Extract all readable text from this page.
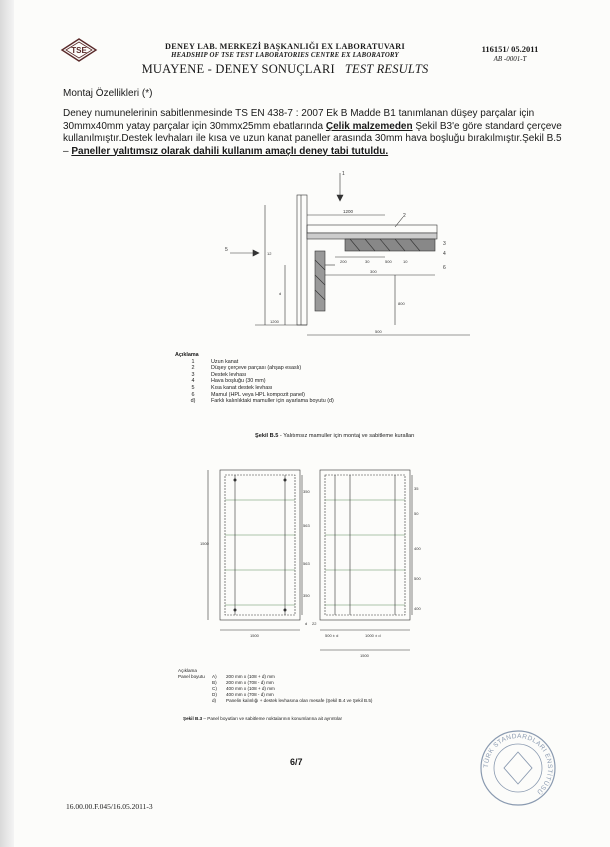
TSE	DENEY LAB. MERKEZİ BAŞKANLIĞI EX LABORATUVARI
HEADSHIP OF TSE TEST LABORATORIES CENTRE EX LABORATORY
MUAYENE - DENEY SONUÇLARI TEST RESULTS
116151/ 05.2011
AB -0001-T
Montaj Özellikleri (*)
Deney numunelerinin sabitlenmesinde TS EN 438-7 : 2007 Ek B Madde B1 tanımlanan düşey parçalar için 30mmx40mm yatay parçalar için 30mmx25mm ebatlarında Çelik malzemeden Şekil B3'e göre standard çerçeve kullanılmıştır.Destek levhaları ile kısa ve uzun kanat paneller arasında 30mm hava boşluğu bırakılmıştır.Şekil B.5 – Paneller yalıtımsız olarak dahili kullanım amaçlı deney tabi tutuldu.
1
1200
200	30	500	10
300
5
12
d
2
3
4
6
1200
500
800
Açıklama
1	Uzun kanat
2	Düşey çerçeve parçası (ahşap esaslı)
3	Destek levhası
4	Hava boşluğu (30 mm)
5	Kısa kanat destek levhası
6	Mamul (HPL veya HPL kompozit panel)
d)	Farklı kalınlıktaki mamuller için ayarlama boyutu (d)
Şekil B.5 - Yalıtımsız mamuller için montaj ve sabitleme kuralları
1500
350
563
563
350
35
50
400
500
400
1500
d 22
500 ± d	1000 ± d
1500
Açıklama
Panel boyutu	A)	200 mm x (108 + d) mm
B)	200 mm x (708 - d) mm
C)	400 mm x (108 + d) mm
D)	400 mm x (708 - d) mm
d)	Panelin kalınlığı + destek levhasına olan mesafe (Şekil B.4 ve Şekil B.5)
Şekil B.3 – Panel boyutları ve sabitleme noktalarının konumlarına ait ayrıntılar
6/7	TÜRK STANDARDLARI ENSTİTÜSÜ
16.00.00.F.045/16.05.2011-3
